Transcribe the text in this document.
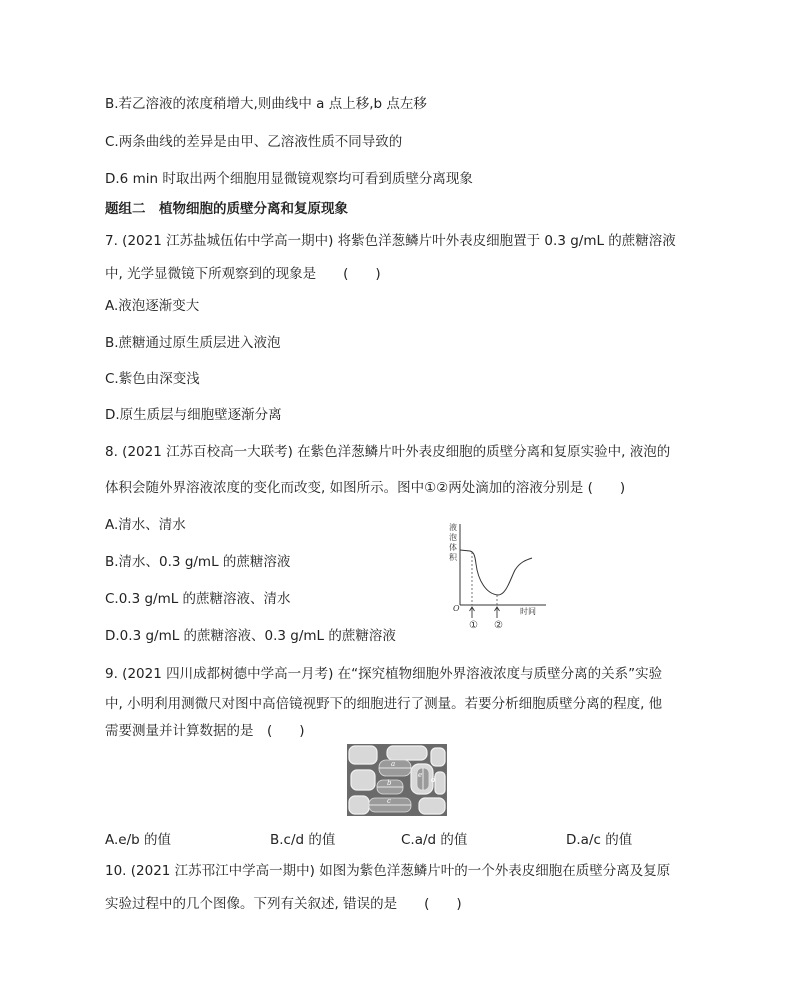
B.若乙溶液的浓度稍增大,则曲线中 a 点上移,b 点左移
C.两条曲线的差异是由甲、乙溶液性质不同导致的
D.6 min 时取出两个细胞用显微镜观察均可看到质壁分离现象
题组二　植物细胞的质壁分离和复原现象
7. (2021 江苏盐城伍佑中学高一期中) 将紫色洋葱鳞片叶外表皮细胞置于 0.3 g/mL 的蔗糖溶液
中, 光学显微镜下所观察到的现象是　　(　　)
A.液泡逐渐变大
B.蔗糖通过原生质层进入液泡
C.紫色由深变浅
D.原生质层与细胞壁逐渐分离
8. (2021 江苏百校高一大联考) 在紫色洋葱鳞片叶外表皮细胞的质壁分离和复原实验中, 液泡的
体积会随外界溶液浓度的变化而改变, 如图所示。图中①②两处滴加的溶液分别是 (　　)
A.清水、清水
B.清水、0.3 g/mL 的蔗糖溶液
C.0.3 g/mL 的蔗糖溶液、清水
D.0.3 g/mL 的蔗糖溶液、0.3 g/mL 的蔗糖溶液
液
泡
体
积
O	时间
① ②
9. (2021 四川成都树德中学高一月考) 在“探究植物细胞外界溶液浓度与质壁分离的关系”实验
中, 小明利用测微尺对图中高倍镜视野下的细胞进行了测量。若要分析细胞质壁分离的程度, 他
需要测量并计算数据的是　(　　)
a
b
c
d
e
A.e/b 的值	B.c/d 的值	C.a/d 的值	D.a/c 的值
10. (2021 江苏邗江中学高一期中) 如图为紫色洋葱鳞片叶的一个外表皮细胞在质壁分离及复原
实验过程中的几个图像。下列有关叙述, 错误的是　　(　　)
